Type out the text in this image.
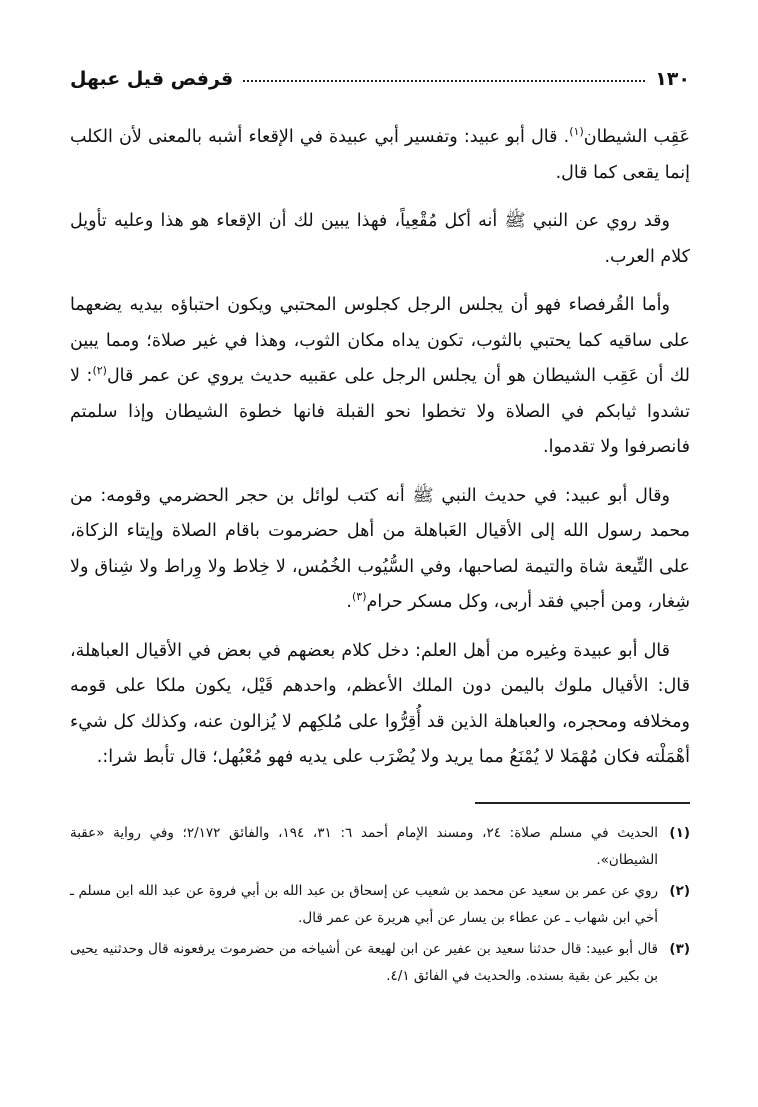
١٣٠
قرفص قيل عبهل

عَقِب الشيطان$^{(١)}$. قال أبو عبيد: وتفسير أبي عبيدة في الإقعاء أشبه بالمعنى لأن الكلب إنما يقعى كما قال.

وقد روي عن النبي ﷺ أنه أكل مُقْعِياً، فهذا يبين لك أن الإقعاء هو هذا وعليه تأويل كلام العرب.

وأما القُرفصاء فهو أن يجلس الرجل كجلوس المحتبي ويكون احتباؤه بيديه يضعهما على ساقيه كما يحتبي بالثوب، تكون يداه مكان الثوب، وهذا في غير صلاة؛ ومما يبين لك أن عَقِب الشيطان هو أن يجلس الرجل على عقبيه حديث يروي عن عمر قال$^{(٢)}$: لا تشدوا ثيابكم في الصلاة ولا تخطوا نحو القبلة فانها خطوة الشيطان وإذا سلمتم فانصرفوا ولا تقدموا.

وقال أبو عبيد: في حديث النبي ﷺ أنه كتب لوائل بن حجر الحضرمي وقومه: من محمد رسول الله إلى الأقيال العَباهلة من أهل حضرموت باقام الصلاة وإيتاء الزكاة، على التِّيعة شاة والتيمة لصاحبها، وفي السُّيُوب الخُمُس، لا خِلاط ولا وِراط ولا شِناق ولا شِغار، ومن أجبي فقد أربى، وكل مسكر حرام$^{(٣)}$.

قال أبو عبيدة وغيره من أهل العلم: دخل كلام بعضهم في بعض في الأقيال العباهلة، قال: الأقيال ملوك باليمن دون الملك الأعظم، واحدهم قَيْل، يكون ملكا على قومه ومخلافه ومحجره، والعباهلة الذين قد أُقِرُّوا على مُلكِهم لا يُزالون عنه، وكذلك كل شيء أهْمَلْته فكان مُهْمَلا لا يُمْنَعُ مما يريد ولا يُضْرَب على يديه فهو مُعْبُهل؛ قال تأبط شرا:.

(١)
الحديث في مسلم صلاة: ٢٤، ومسند الإمام أحمد ٦: ٣١، ١٩٤، والفائق ٢/١٧٢؛ وفي رواية «عقبة الشيطان».
(٢)
روي عن عمر بن سعيد عن محمد بن شعيب عن إسحاق بن عبد الله بن أبي فروة عن عبد الله ابن مسلم ـ أخي ابن شهاب ـ عن عطاء بن يسار عن أبي هريرة عن عمر قال.
(٣)
قال أبو عبيد: قال حدثنا سعيد بن عفير عن ابن لهيعة عن أشياخه من حضرموت يرفعونه قال وحدثنيه يحيى بن بكير عن بقية بسنده. والحديث في الفائق ٤/١.
